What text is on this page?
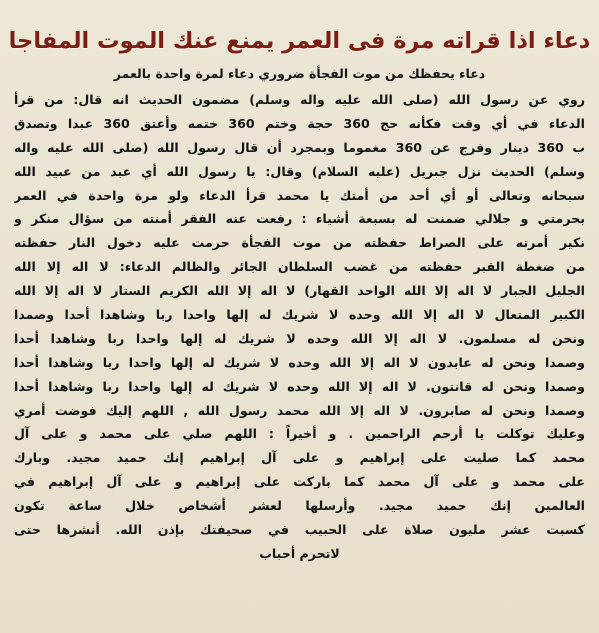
دعاء اذا قراته مرة فى العمر يمنع عنك الموت المفاجا
دعاء يحفظك من موت الفجأة ضروري دعاء لمرة واحدة بالعمر
روي عن رسول الله (صلى الله عليه واله وسلم) مضمون الحديث انه قال: من قرأ
الدعاء في أي وقت فكأنه حج 360 حجة وختم 360 ختمه وأعتق 360 عبدا وتصدق
ب 360 دينار وفرج عن 360 مغموما وبمجرد أن قال رسول الله (صلى الله عليه واله
وسلم) الحديث نزل جبريل (عليه السلام) وقال: يا رسول الله أي عبد من عبيد الله
سبحانه وتعالى أو أي أحد من أمتك يا محمد قرأ الدعاء ولو مرة واحدة في العمر
بحرمتي و جلالي ضمنت له بسبعة أشياء : رفعت عنه الفقر أمنته من سؤال منكر و
نكير أمرته على الصراط حفظته من موت الفجأة حرمت عليه دخول النار حفظته
من ضغطة القبر حفظته من غضب السلطان الجائر والظالم الدعاء: لا اله إلا الله
الجليل الجبار لا اله إلا الله الواحد القهار) لا اله إلا الله الكريم الستار لا اله إلا الله
الكبير المتعال لا اله إلا الله وحده لا شريك له إلها واحدا ربا وشاهدا أحدا وصمدا
ونحن له مسلمون. لا اله إلا الله وحده لا شريك له إلها واحدا ربا وشاهدا أحدا
وصمدا ونحن له عابدون لا اله إلا الله وحده لا شريك له إلها واحدا ربا وشاهدا أحدا
وصمدا ونحن له قانتون. لا اله إلا الله وحده لا شريك له إلها واحدا ربا وشاهدا أحدا
وصمدا ونحن له صابرون. لا اله إلا الله محمد رسول الله , اللهم إليك فوضت أمري
وعليك توكلت يا أرحم الراحمين . و أخيراً : اللهم صلي على محمد و على آل
محمد كما صليت على إبراهيم و على آل إبراهيم إنك حميد مجيد. وبارك
على محمد و على آل محمد كما باركت على إبراهيم و على آل إبراهيم في
العالمين إنك حميد مجيد. وأرسلها لعشر أشخاص خلال ساعة تكون
كسبت عشر مليون صلاة على الحبيب في صحيفتك بإذن الله. أنشرها حتى
لاتحرم أحباب
